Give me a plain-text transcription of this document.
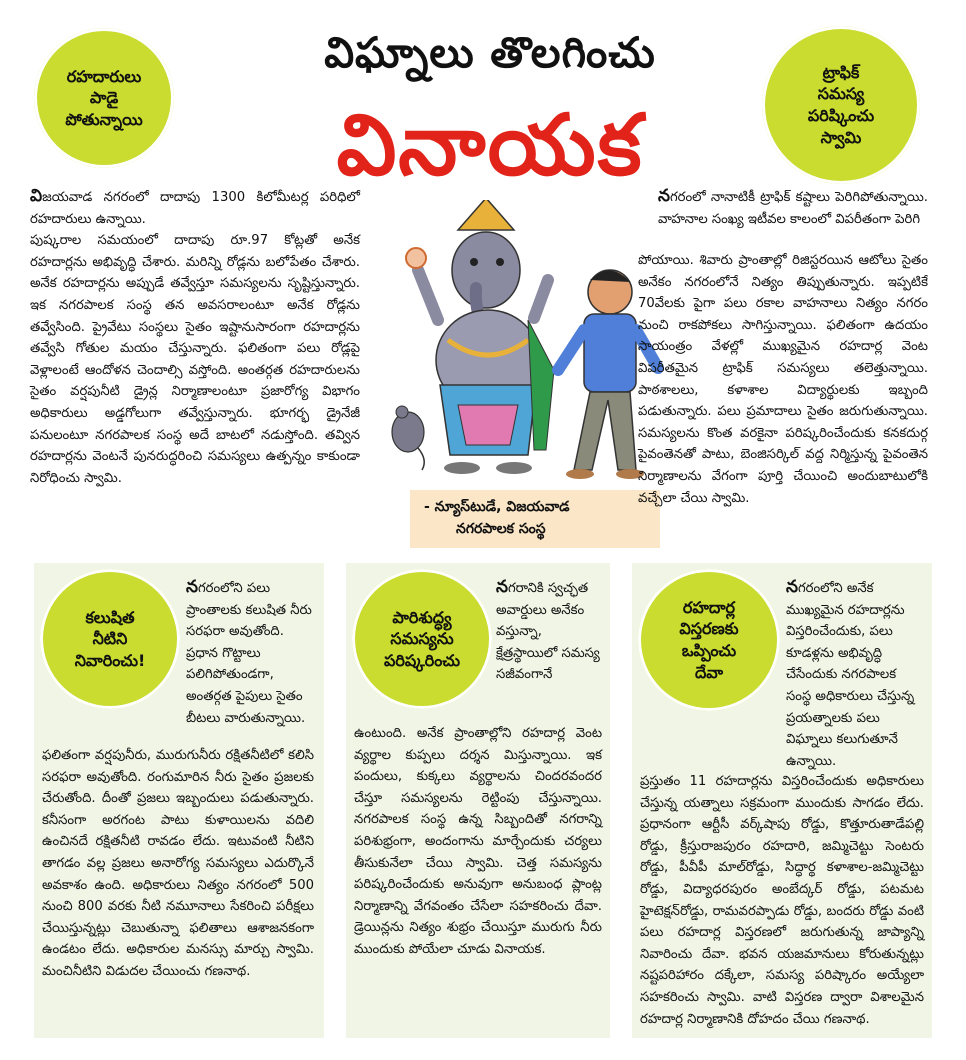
విఘ్నాలు తొలగించు
వినాయక
రహదారులు
పాడై
పోతున్నాయి
ట్రాఫిక్
సమస్య
పరిష్కించు
స్వామి

విజయవాడ నగరంలో దాదాపు 1300 కిలోమీటర్ల పరిధిలో రహదారులు ఉన్నాయి.

పుష్కరాల సమయంలో దాదాపు రూ.97 కోట్లతో అనేక రహదార్లను అభివృద్ధి చేశారు. మరిన్ని రోడ్లను బలోపేతం చేశారు. అనేక రహదార్లను అప్పుడే తవ్వేస్తూ సమస్యలను సృష్టిస్తున్నారు. ఇక నగరపాలక సంస్థ తన అవసరాలంటూ అనేక రోడ్లను తవ్వేసింది. ప్రైవేటు సంస్థలు సైతం ఇష్టానుసారంగా రహదార్లను తవ్వేసి గోతుల మయం చేస్తున్నారు. ఫలితంగా పలు రోడ్లపై వెళ్లాలంటే ఆందోళన చెందాల్సి వస్తోంది. అంతర్గత రహదారులను సైతం వర్షపునీటి డ్రైన్ల నిర్మాణాలంటూ ప్రజారోగ్య విభాగం అధికారులు అడ్డగోలుగా తవ్వేస్తున్నారు. భూగర్భ డ్రైనేజీ పనులంటూ నగరపాలక సంస్థ అదే బాటలో నడుస్తోంది. తవ్విన రహదార్లను వెంటనే పునరుద్ధరించి సమస్యలు ఉత్పన్నం కాకుండా నిరోధించు స్వామి.

- న్యూస్‌టుడే, విజయవాడ
నగరపాలక సంస్థ

నగరంలో నానాటికీ ట్రాఫిక్ కష్టాలు పెరిగిపోతున్నాయి. వాహనాల సంఖ్య ఇటీవల కాలంలో విపరీతంగా పెరిగి

పోయాయి. శివారు ప్రాంతాల్లో రిజిస్టరయిన ఆటోలు సైతం అనేకం నగరంలోనే నిత్యం తిప్పుతున్నారు. ఇప్పటికే 70వేలకు పైగా పలు రకాల వాహనాలు నిత్యం నగరం నుంచి రాకపోకలు సాగిస్తున్నాయి. ఫలితంగా ఉదయం సాయంత్రం వేళల్లో ముఖ్యమైన రహదార్ల వెంట విపరీతమైన ట్రాఫిక్ సమస్యలు తలెత్తున్నాయి. పాఠశాలలు, కళాశాల విద్యార్థులకు ఇబ్బంది పడుతున్నారు. పలు ప్రమాదాలు సైతం జరుగుతున్నాయి. సమస్యలను కొంత వరకైనా పరిష్కరించేందుకు కనకదుర్గ పైవంతెనతో పాటు, బెంజిసర్కిల్ వద్ద నిర్మిస్తున్న పైవంతెన నిర్మాణాలను వేగంగా పూర్తి చేయించి అందుబాటులోకి వచ్చేలా చేయి స్వామి.

కలుషిత
నీటిని
నివారించు!
నగరంలోని పలు ప్రాంతాలకు కలుషిత నీరు సరఫరా అవుతోంది. ప్రధాన గొట్టాలు పలిగిపోతుండగా, అంతర్గత పైపులు సైతం బీటలు వారుతున్నాయి.
ఫలితంగా వర్షపునీరు, మురుగునీరు రక్షితనీటిలో కలిసి సరఫరా అవుతోంది. రంగుమారిన నీరు సైతం ప్రజలకు చేరుతోంది. దీంతో ప్రజలు ఇబ్బందులు పడుతున్నారు. కనీసంగా అరగంట పాటు కుళాయిలను వదిలి ఉంచినదే రక్షితనీటి రావడం లేదు. ఇటువంటి నీటిని తాగడం వల్ల ప్రజలు అనారోగ్య సమస్యలు ఎదుర్కొనే అవకాశం ఉంది. అధికారులు నిత్యం నగరంలో 500 నుంచి 800 వరకు నీటి నమూనాలు సేకరించి పరీక్షలు చేయిస్తున్నట్లు చెబుతున్నా ఫలితాలు ఆశాజనకంగా ఉండటం లేదు. అధికారుల మనస్సు మార్చు స్వామి. మంచినీటిని విడుదల చేయించు గణనాథ.
పారిశుద్ధ్య
సమస్యను
పరిష్కరించు
నగరానికి స్వచ్ఛత అవార్డులు అనేకం వస్తున్నా, క్షేత్రస్థాయిలో సమస్య సజీవంగానే
ఉంటుంది. అనేక ప్రాంతాల్లోని రహదార్ల వెంట వ్యర్థాల కుప్పలు దర్శన మిస్తున్నాయి. ఇక పందులు, కుక్కలు వ్యర్థాలను చిందరవందర చేస్తూ సమస్యలను రెట్టింపు చేస్తున్నాయి. నగరపాలక సంస్థ ఉన్న సిబ్బందితో నగరాన్ని పరిశుభ్రంగా, అందంగాను మార్చేందుకు చర్యలు తీసుకునేలా చేయి స్వామి. చెత్త సమస్యను పరిష్కరించేందుకు అనువుగా అనుబంధ ప్లాంట్ల నిర్మాణాన్ని వేగవంతం చేసేలా సహకరించు దేవా. డ్రెయిన్లను నిత్యం శుభ్రం చేయిస్తూ మురుగు నీరు ముందుకు పోయేలా చూడు వినాయక.
రహదార్ల
విస్తరణకు
ఒప్పించు
దేవా
నగరంలోని అనేక ముఖ్యమైన రహదార్లను విస్తరించేందుకు, పలు కూడళ్లను అభివృద్ధి చేసేందుకు నగరపాలక సంస్థ అధికారులు చేస్తున్న ప్రయత్నాలకు పలు విఘ్నాలు కలుగుతూనే ఉన్నాయి.
ప్రస్తుతం 11 రహదార్లను విస్తరించేందుకు అధికారులు చేస్తున్న యత్నాలు సక్రమంగా ముందుకు సాగడం లేదు. ప్రధానంగా ఆర్టీసీ వర్క్‌షాపు రోడ్డు, కొత్తూరుతాడేపల్లి రోడ్డు, క్రీస్తురాజపురం రహదారి, జమ్మిచెట్టు సెంటరు రోడ్డు, పీవీపీ మాల్‌రోడ్డు, సిద్ధార్థ కళాశాల-జమ్మిచెట్టు రోడ్డు, విద్యాధరపురం అంబేద్కర్ రోడ్డు, పటమట హైటెక్షన్‌రోడ్డు, రామవరప్పాడు రోడ్డు, బందరు రోడ్డు వంటి పలు రహదార్ల విస్తరణలో జరుగుతున్న జాప్యాన్ని నివారించు దేవా. భవన యజమానులు కోరుతున్నట్లు నష్టపరిహారం దక్కేలా, సమస్య పరిష్కారం అయ్యేలా సహకరించు స్వామి. వాటి విస్తరణ ద్వారా విశాలమైన రహదార్ల నిర్మాణానికి దోహదం చేయి గణనాథ.
